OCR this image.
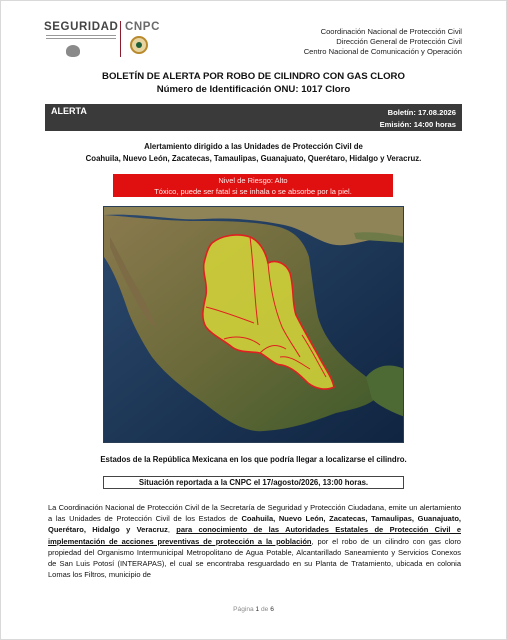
SEGURIDAD CNPC	Coordinación Nacional de Protección Civil
Dirección General de Protección Civil
Centro Nacional de Comunicación y Operación
BOLETÍN DE ALERTA POR ROBO DE CILINDRO CON GAS CLORO
Número de Identificación ONU: 1017 Cloro
ALERTA	Boletín: 17.08.2026
Emisión: 14:00 horas
Alertamiento dirigido a las Unidades de Protección Civil de
Coahuila, Nuevo León, Zacatecas, Tamaulipas, Guanajuato, Querétaro, Hidalgo y Veracruz.
Nivel de Riesgo: Alto
Tóxico, puede ser fatal si se inhala o se absorbe por la piel.
Estados de la República Mexicana en los que podría llegar a localizarse el cilindro.
Situación reportada a la CNPC el 17/agosto/2026, 13:00 horas.
La Coordinación Nacional de Protección Civil de la Secretaría de Seguridad y Protección Ciudadana, emite un alertamiento a las Unidades de Protección Civil de los Estados de Coahuila, Nuevo León, Zacatecas, Tamaulipas, Guanajuato, Querétaro, Hidalgo y Veracruz, para conocimiento de las Autoridades Estatales de Protección Civil e implementación de acciones preventivas de protección a la población, por el robo de un cilindro con gas cloro propiedad del Organismo Intermunicipal Metropolitano de Agua Potable, Alcantarillado Saneamiento y Servicios Conexos de San Luis Potosí (INTERAPAS), el cual se encontraba resguardado en su Planta de Tratamiento, ubicada en colonia Lomas los Filtros, municipio de
Página 1 de 6
